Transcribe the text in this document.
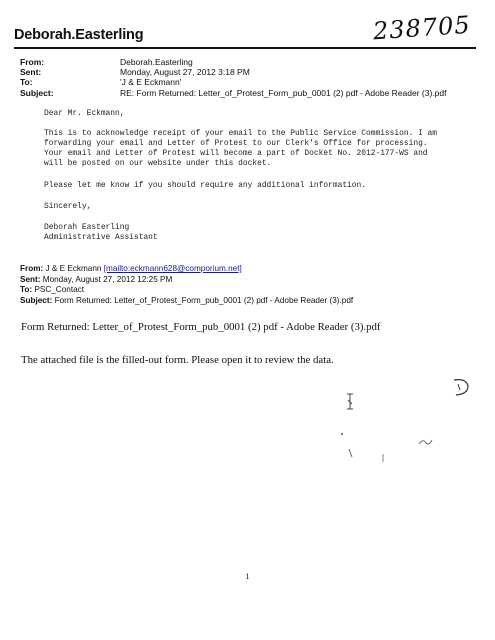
Deborah.Easterling	238705
From:	Deborah.Easterling
Sent:	Monday, August 27, 2012 3:18 PM
To:	'J & E Eckmann'
Subject:	RE: Form Returned: Letter_of_Protest_Form_pub_0001 (2) pdf - Adobe Reader (3).pdf
Dear Mr. Eckmann,
This is to acknowledge receipt of your email to the Public Service Commission. I am
forwarding your email and Letter of Protest to our Clerk's Office for processing.
Your email and Letter of Protest will become a part of Docket No. 2012-177-WS and
will be posted on our website under this docket.
Please let me know if you should require any additional information.
Sincerely,
Deborah Easterling
Administrative Assistant
From: J & E Eckmann [mailto:eckmann628@comporium.net]
Sent: Monday, August 27, 2012 12:25 PM
To: PSC_Contact
Subject: Form Returned: Letter_of_Protest_Form_pub_0001 (2) pdf - Adobe Reader (3).pdf
Form Returned: Letter_of_Protest_Form_pub_0001 (2) pdf - Adobe Reader (3).pdf
The attached file is the filled-out form. Please open it to review the data.
1
